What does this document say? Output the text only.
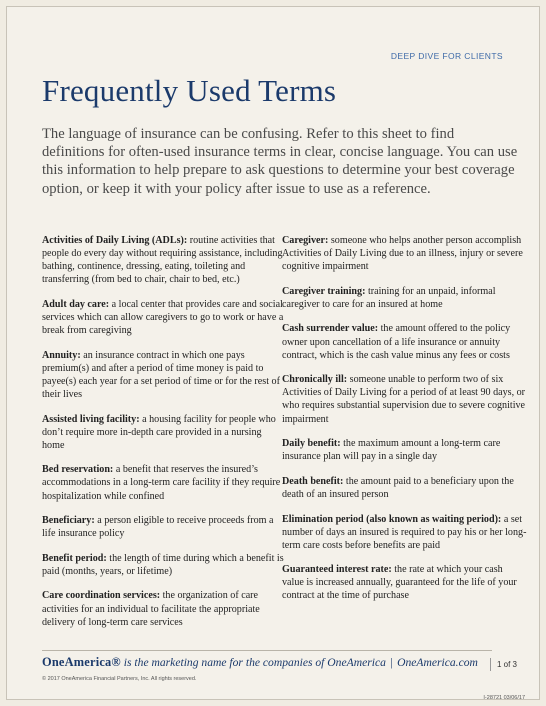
DEEP DIVE FOR CLIENTS
Frequently Used Terms
The language of insurance can be confusing. Refer to this sheet to find definitions for often-used insurance terms in clear, concise language. You can use this information to help prepare to ask questions to determine your best coverage option, or keep it with your policy after issue to use as a reference.

Activities of Daily Living (ADLs): routine activities that people do every day without requiring assistance, including bathing, continence, dressing, eating, toileting and transferring (from bed to chair, chair to bed, etc.)

Adult day care: a local center that provides care and social services which can allow caregivers to go to work or have a break from caregiving

Annuity: an insurance contract in which one pays premium(s) and after a period of time money is paid to payee(s) each year for a set period of time or for the rest of their lives

Assisted living facility: a housing facility for people who don’t require more in-depth care provided in a nursing home

Bed reservation: a benefit that reserves the insured’s accommodations in a long-term care facility if they require hospitalization while confined

Beneficiary: a person eligible to receive proceeds from a life insurance policy

Benefit period: the length of time during which a benefit is paid (months, years, or lifetime)

Care coordination services: the organization of care activities for an individual to facilitate the appropriate delivery of long-term care services

Caregiver: someone who helps another person accomplish Activities of Daily Living due to an illness, injury or severe cognitive impairment

Caregiver training: training for an unpaid, informal caregiver to care for an insured at home

Cash surrender value: the amount offered to the policy owner upon cancellation of a life insurance or annuity contract, which is the cash value minus any fees or costs

Chronically ill: someone unable to perform two of six Activities of Daily Living for a period of at least 90 days, or who requires substantial supervision due to severe cognitive impairment

Daily benefit: the maximum amount a long-term care insurance plan will pay in a single day

Death benefit: the amount paid to a beneficiary upon the death of an insured person

Elimination period (also known as waiting period): a set number of days an insured is required to pay his or her long-term care costs before benefits are paid

Guaranteed interest rate: the rate at which your cash value is increased annually, guaranteed for the life of your contract at the time of purchase

OneAmerica® is the marketing name for the companies of OneAmerica | OneAmerica.com	1 of 3
© 2017 OneAmerica Financial Partners, Inc. All rights reserved.
I-28721 03/06/17
